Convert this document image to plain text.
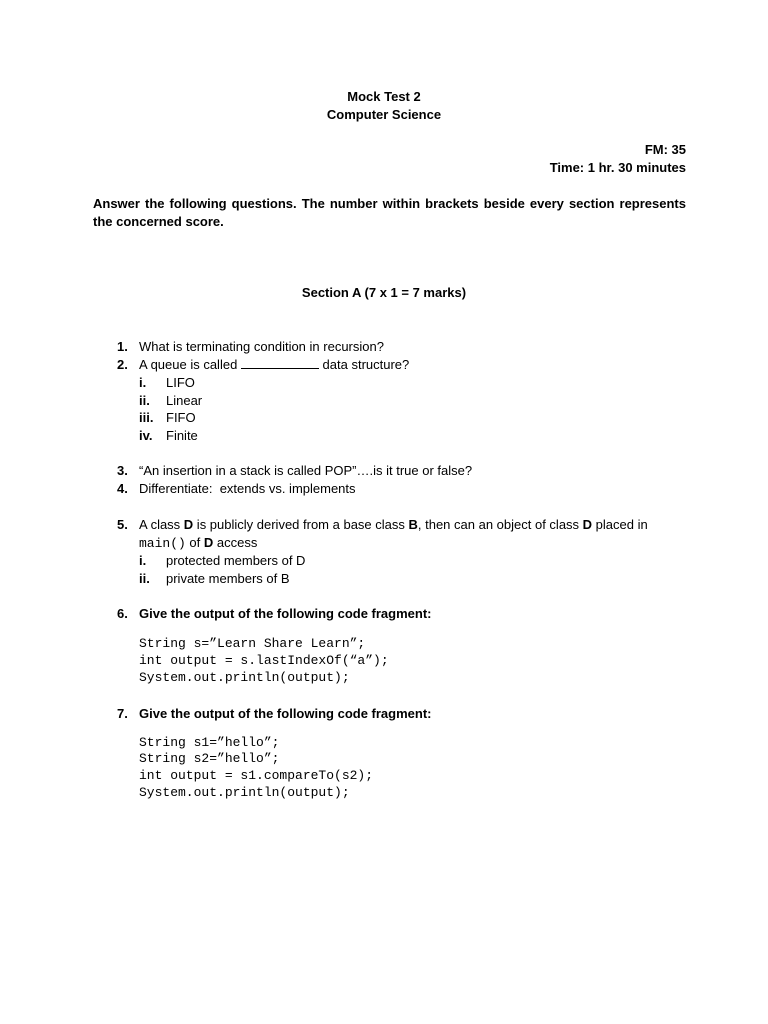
Mock Test 2
Computer Science
FM: 35
Time: 1 hr. 30 minutes
Answer the following questions. The number within brackets beside every section represents the concerned score.
Section A (7 x 1 = 7 marks)
1. What is terminating condition in recursion?
2. A queue is called	data structure?
i. LIFO
ii. Linear
iii. FIFO
iv. Finite
3. “An insertion in a stack is called POP”….is it true or false?
4. Differentiate:  extends vs. implements
5. A class D is publicly derived from a base class B, then can an object of class D placed in
main() of D access
i. protected members of D
ii. private members of B
6. Give the output of the following code fragment:
String s=”Learn Share Learn”;
int output = s.lastIndexOf(“a”);
System.out.println(output);
7. Give the output of the following code fragment:
String s1=”hello”;
String s2=”hello”;
int output = s1.compareTo(s2);
System.out.println(output);
